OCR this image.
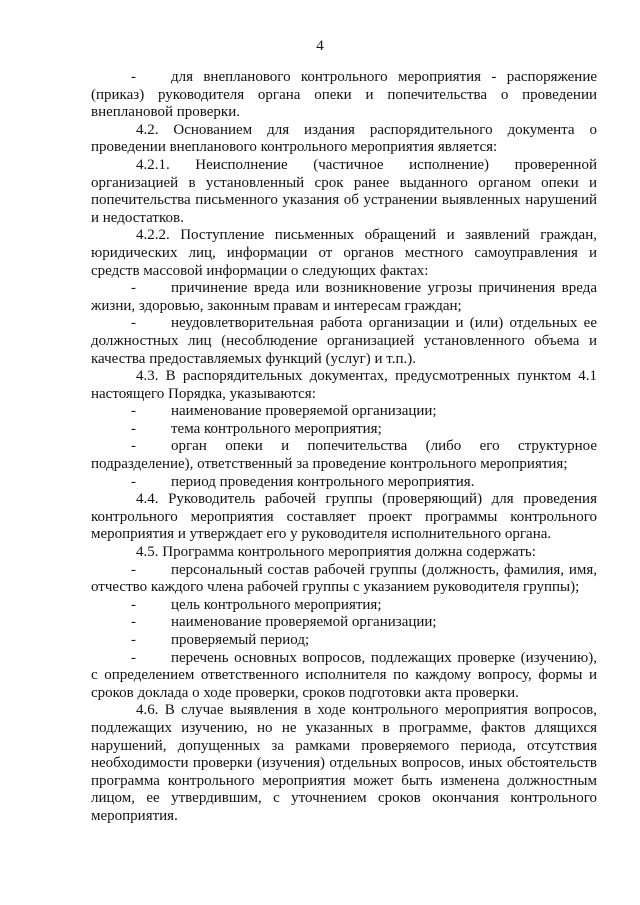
4

- для внепланового контрольного мероприятия - распоряжение (приказ) руководителя органа опеки и попечительства о проведении внеплановой проверки.

4.2. Основанием для издания распорядительного документа о проведении внепланового контрольного мероприятия является:

4.2.1. Неисполнение (частичное исполнение) проверенной организацией в установленный срок ранее выданного органом опеки и попечительства письменного указания об устранении выявленных нарушений и недостатков.

4.2.2. Поступление письменных обращений и заявлений граждан, юридических лиц, информации от органов местного самоуправления и средств массовой информации о следующих фактах:

- причинение вреда или возникновение угрозы причинения вреда жизни, здоровью, законным правам и интересам граждан;

- неудовлетворительная работа организации и (или) отдельных ее должностных лиц (несоблюдение организацией установленного объема и качества предоставляемых функций (услуг) и т.п.).

4.3. В распорядительных документах, предусмотренных пунктом 4.1 настоящего Порядка, указываются:

- наименование проверяемой организации;

- тема контрольного мероприятия;

- орган опеки и попечительства (либо его структурное подразделение), ответственный за проведение контрольного мероприятия;

- период проведения контрольного мероприятия.

4.4. Руководитель рабочей группы (проверяющий) для проведения контрольного мероприятия составляет проект программы контрольного мероприятия и утверждает его у руководителя исполнительного органа.

4.5. Программа контрольного мероприятия должна содержать:

- персональный состав рабочей группы (должность, фамилия, имя, отчество каждого члена рабочей группы с указанием руководителя группы);

- цель контрольного мероприятия;

- наименование проверяемой организации;

- проверяемый период;

- перечень основных вопросов, подлежащих проверке (изучению), с определением ответственного исполнителя по каждому вопросу, формы и сроков доклада о ходе проверки, сроков подготовки акта проверки.

4.6. В случае выявления в ходе контрольного мероприятия вопросов, подлежащих изучению, но не указанных в программе, фактов длящихся нарушений, допущенных за рамками проверяемого периода, отсутствия необходимости проверки (изучения) отдельных вопросов, иных обстоятельств программа контрольного мероприятия может быть изменена должностным лицом, ее утвердившим, с уточнением сроков окончания контрольного мероприятия.
